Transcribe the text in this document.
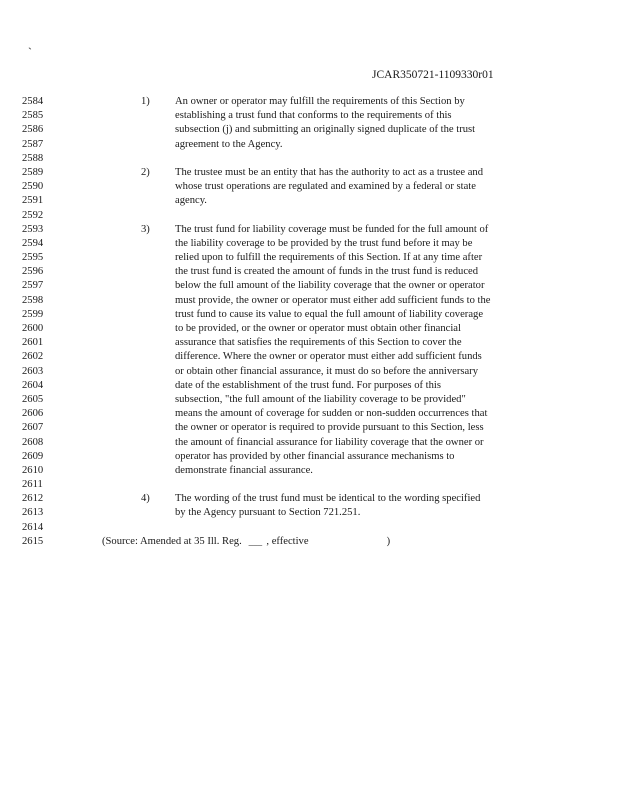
`
JCAR350721-1109330r01
2584	1) An owner or operator may fulfill the requirements of this Section by
2585	establishing a trust fund that conforms to the requirements of this
2586	subsection (j) and submitting an originally signed duplicate of the trust
2587	agreement to the Agency.
2588
2589	2) The trustee must be an entity that has the authority to act as a trustee and
2590	whose trust operations are regulated and examined by a federal or state
2591	agency.
2592
2593	3) The trust fund for liability coverage must be funded for the full amount of
2594	the liability coverage to be provided by the trust fund before it may be
2595	relied upon to fulfill the requirements of this Section. If at any time after
2596	the trust fund is created the amount of funds in the trust fund is reduced
2597	below the full amount of the liability coverage that the owner or operator
2598	must provide, the owner or operator must either add sufficient funds to the
2599	trust fund to cause its value to equal the full amount of liability coverage
2600	to be provided, or the owner or operator must obtain other financial
2601	assurance that satisfies the requirements of this Section to cover the
2602	difference. Where the owner or operator must either add sufficient funds
2603	or obtain other financial assurance, it must do so before the anniversary
2604	date of the establishment of the trust fund. For purposes of this
2605	subsection, "the full amount of the liability coverage to be provided"
2606	means the amount of coverage for sudden or non-sudden occurrences that
2607	the owner or operator is required to provide pursuant to this Section, less
2608	the amount of financial assurance for liability coverage that the owner or
2609	operator has provided by other financial assurance mechanisms to
2610	demonstrate financial assurance.
2611
2612	4) The wording of the trust fund must be identical to the wording specified
2613	by the Agency pursuant to Section 721.251.
2614
2615	(Source: Amended at 35 Ill. Reg. ___ , effective	)
